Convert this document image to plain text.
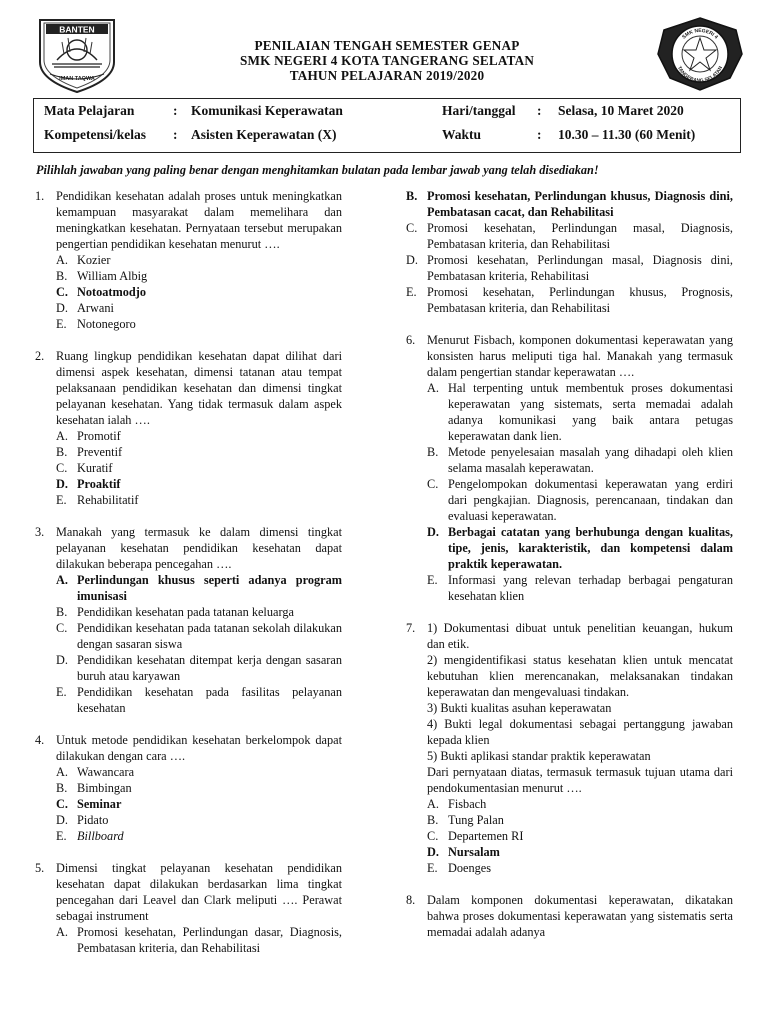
BANTEN
IMAN TAQWA
PENILAIAN TENGAH SEMESTER GENAP
SMK NEGERI 4 KOTA TANGERANG SELATAN
TAHUN PELAJARAN 2019/2020
SMK NEGERI 4
TANGERANG SELATAN
Mata Pelajaran	: Komunikasi Keperawatan	Hari/tanggal : Selasa, 10 Maret 2020
Kompetensi/kelas : Asisten Keperawatan (X)	Waktu	: 10.30 – 11.30 (60 Menit)
Pilihlah jawaban yang paling benar dengan menghitamkan bulatan pada lembar jawab yang telah disediakan!
1. Pendidikan kesehatan adalah proses untuk meningkatkan kemampuan masyarakat dalam memelihara dan meningkatkan kesehatan. Pernyataan tersebut merupakan pengertian pendidikan kesehatan menurut ….
A. Kozier
B. William Albig
C. Notoatmodjo
D. Arwani
E. Notonegoro
2. Ruang lingkup pendidikan kesehatan dapat dilihat dari dimensi aspek kesehatan, dimensi tatanan atau tempat pelaksanaan pendidikan kesehatan dan dimensi tingkat pelayanan kesehatan. Yang tidak termasuk dalam aspek kesehatan ialah ….
A. Promotif
B. Preventif
C. Kuratif
D. Proaktif
E. Rehabilitatif
3. Manakah yang termasuk ke dalam dimensi tingkat pelayanan kesehatan pendidikan kesehatan dapat dilakukan beberapa pencegahan ….
A. Perlindungan khusus seperti adanya program imunisasi
B. Pendidikan kesehatan pada tatanan keluarga
C. Pendidikan kesehatan pada tatanan sekolah dilakukan dengan sasaran siswa
D. Pendidikan kesehatan ditempat kerja dengan sasaran buruh atau karyawan
E. Pendidikan kesehatan pada fasilitas pelayanan kesehatan
4. Untuk metode pendidikan kesehatan berkelompok dapat dilakukan dengan cara ….
A. Wawancara
B. Bimbingan
C. Seminar
D. Pidato
E. Billboard
5. Dimensi tingkat pelayanan kesehatan pendidikan kesehatan dapat dilakukan berdasarkan lima tingkat pencegahan dari Leavel dan Clark meliputi …. Perawat sebagai instrument
A. Promosi kesehatan, Perlindungan dasar, Diagnosis, Pembatasan kriteria, dan Rehabilitasi
B. Promosi kesehatan, Perlindungan khusus, Diagnosis dini, Pembatasan cacat, dan Rehabilitasi
C. Promosi kesehatan, Perlindungan masal, Diagnosis, Pembatasan kriteria, dan Rehabilitasi
D. Promosi kesehatan, Perlindungan masal, Diagnosis dini, Pembatasan kriteria, Rehabilitasi
E. Promosi kesehatan, Perlindungan khusus, Prognosis, Pembatasan kriteria, dan Rehabilitasi
6. Menurut Fisbach, komponen dokumentasi keperawatan yang konsisten harus meliputi tiga hal. Manakah yang termasuk dalam pengertian standar keperawatan ….
A. Hal terpenting untuk membentuk proses dokumentasi keperawatan yang sistemats, serta memadai adalah adanya komunikasi yang baik antara petugas keperawatan dank lien.
B. Metode penyelesaian masalah yang dihadapi oleh klien selama masalah keperawatan.
C. Pengelompokan dokumentasi keperawatan yang erdiri dari pengkajian. Diagnosis, perencanaan, tindakan dan evaluasi keperawatan.
D. Berbagai catatan yang berhubunga dengan kualitas, tipe, jenis, karakteristik, dan kompetensi dalam praktik keperawatan.
E. Informasi yang relevan terhadap berbagai pengaturan kesehatan klien
7. 1) Dokumentasi dibuat untuk penelitian keuangan, hukum dan etik.
2) mengidentifikasi status kesehatan klien untuk mencatat kebutuhan klien merencanakan, melaksanakan tindakan keperawatan dan mengevaluasi tindakan.
3) Bukti kualitas asuhan keperawatan
4) Bukti legal dokumentasi sebagai pertanggung jawaban kepada klien
5) Bukti aplikasi standar praktik keperawatan
Dari pernyataan diatas, termasuk termasuk tujuan utama dari pendokumentasian menurut ….
A. Fisbach
B. Tung Palan
C. Departemen RI
D. Nursalam
E. Doenges
8. Dalam komponen dokumentasi keperawatan, dikatakan bahwa proses dokumentasi keperawatan yang sistematis serta memadai adalah adanya
